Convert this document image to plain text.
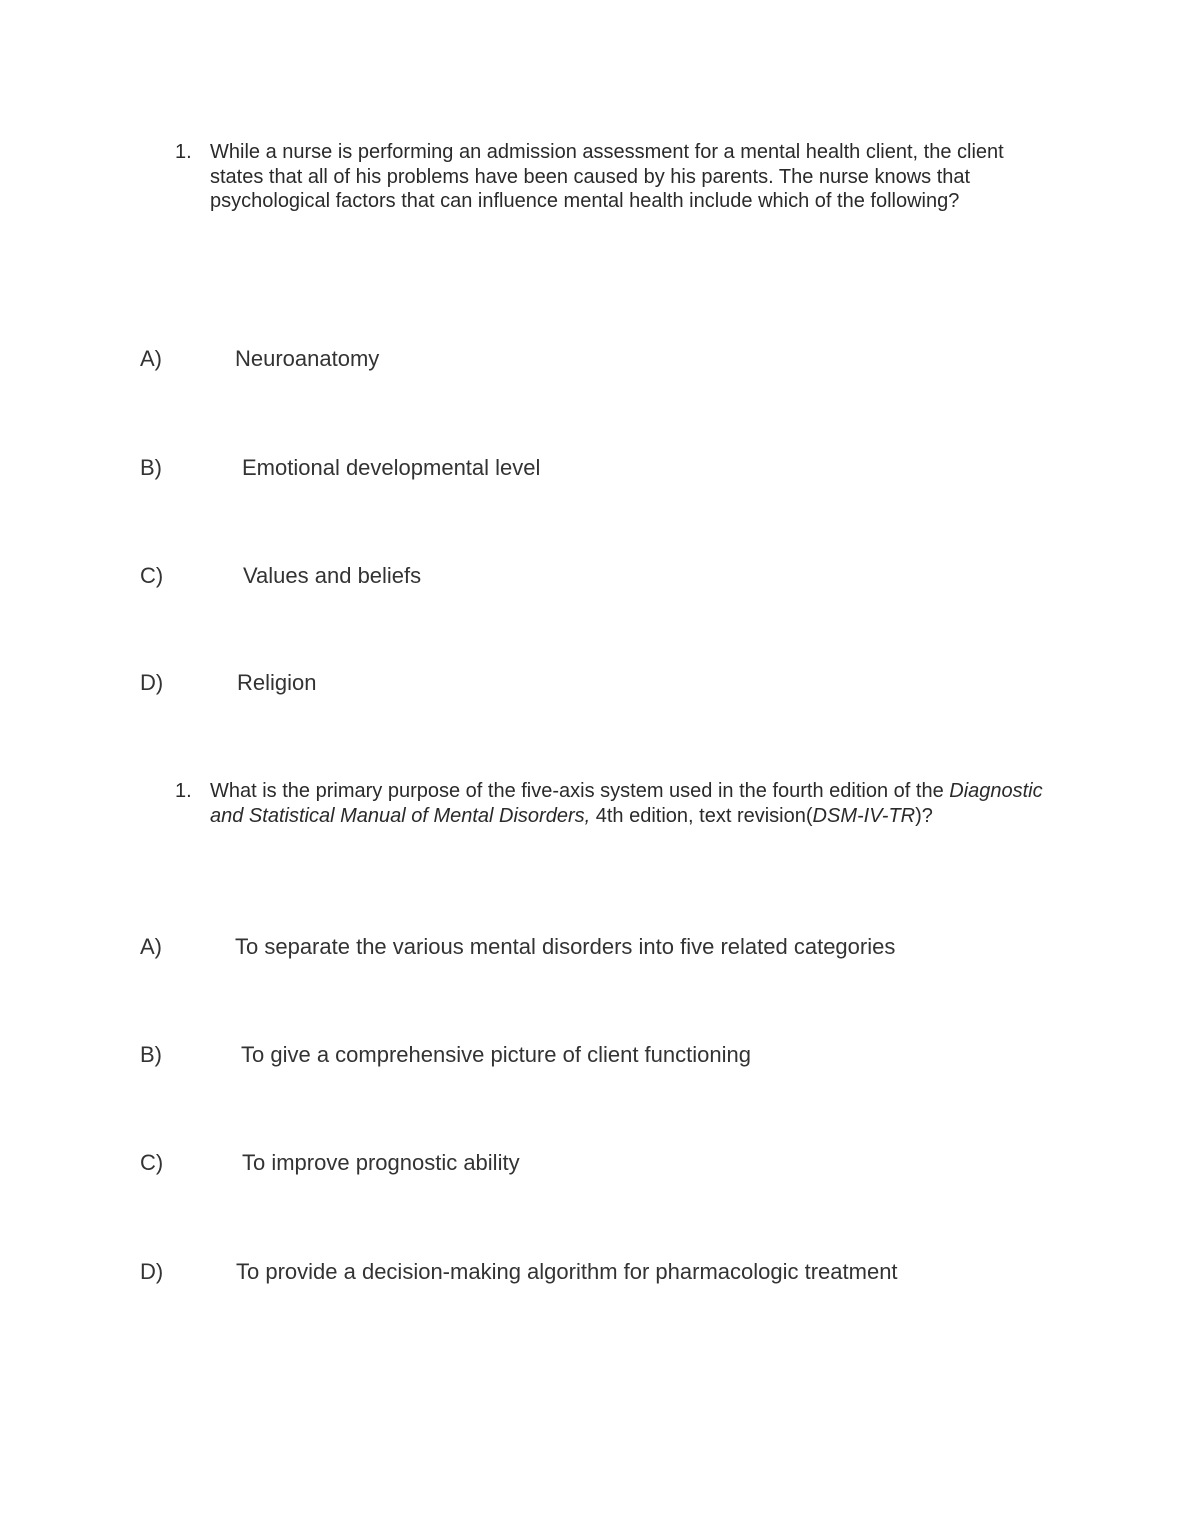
1. While a nurse is performing an admission assessment for a mental health client, the client states that all of his problems have been caused by his parents. The nurse knows that psychological factors that can influence mental health include which of the following?
A)	Neuroanatomy
B)	Emotional developmental level
C)	Values and beliefs
D)	Religion
1. What is the primary purpose of the five-axis system used in the fourth edition of the Diagnostic and Statistical Manual of Mental Disorders, 4th edition, text revision(DSM-IV-TR)?
A)	To separate the various mental disorders into five related categories
B)	To give a comprehensive picture of client functioning
C)	To improve prognostic ability
D)	To provide a decision-making algorithm for pharmacologic treatment
